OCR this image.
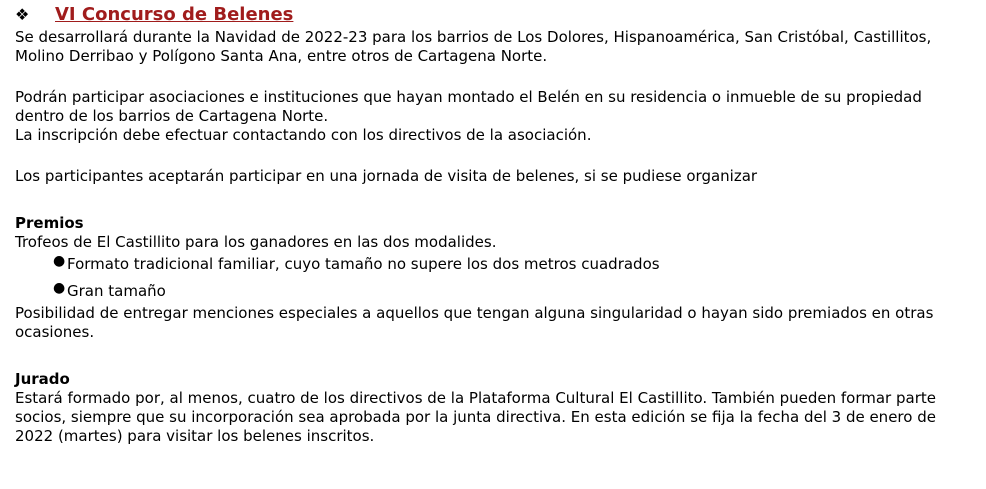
❖ VI Concurso de Belenes

Se desarrollará durante la Navidad de 2022-23 para los barrios de Los Dolores, Hispanoamérica, San Cristóbal, Castillitos, Molino Derribao y Polígono Santa Ana, entre otros de Cartagena Norte.

Podrán participar asociaciones e instituciones que hayan montado el Belén en su residencia o inmueble de su propiedad dentro de los barrios de Cartagena Norte.

La inscripción debe efectuar contactando con los directivos de la asociación.

Los participantes aceptarán participar en una jornada de visita de belenes, si se pudiese organizar

Premios

Trofeos de El Castillito para los ganadores en las dos modalides.

● Formato tradicional familiar, cuyo tamaño no supere los dos metros cuadrados
● Gran tamaño

Posibilidad de entregar menciones especiales a aquellos que tengan alguna singularidad o hayan sido premiados en otras ocasiones.

Jurado

Estará formado por, al menos, cuatro de los directivos de la Plataforma Cultural El Castillito. También pueden formar parte socios, siempre que su incorporación sea aprobada por la junta directiva. En esta edición se fija la fecha del 3 de enero de 2022 (martes) para visitar los belenes inscritos.
